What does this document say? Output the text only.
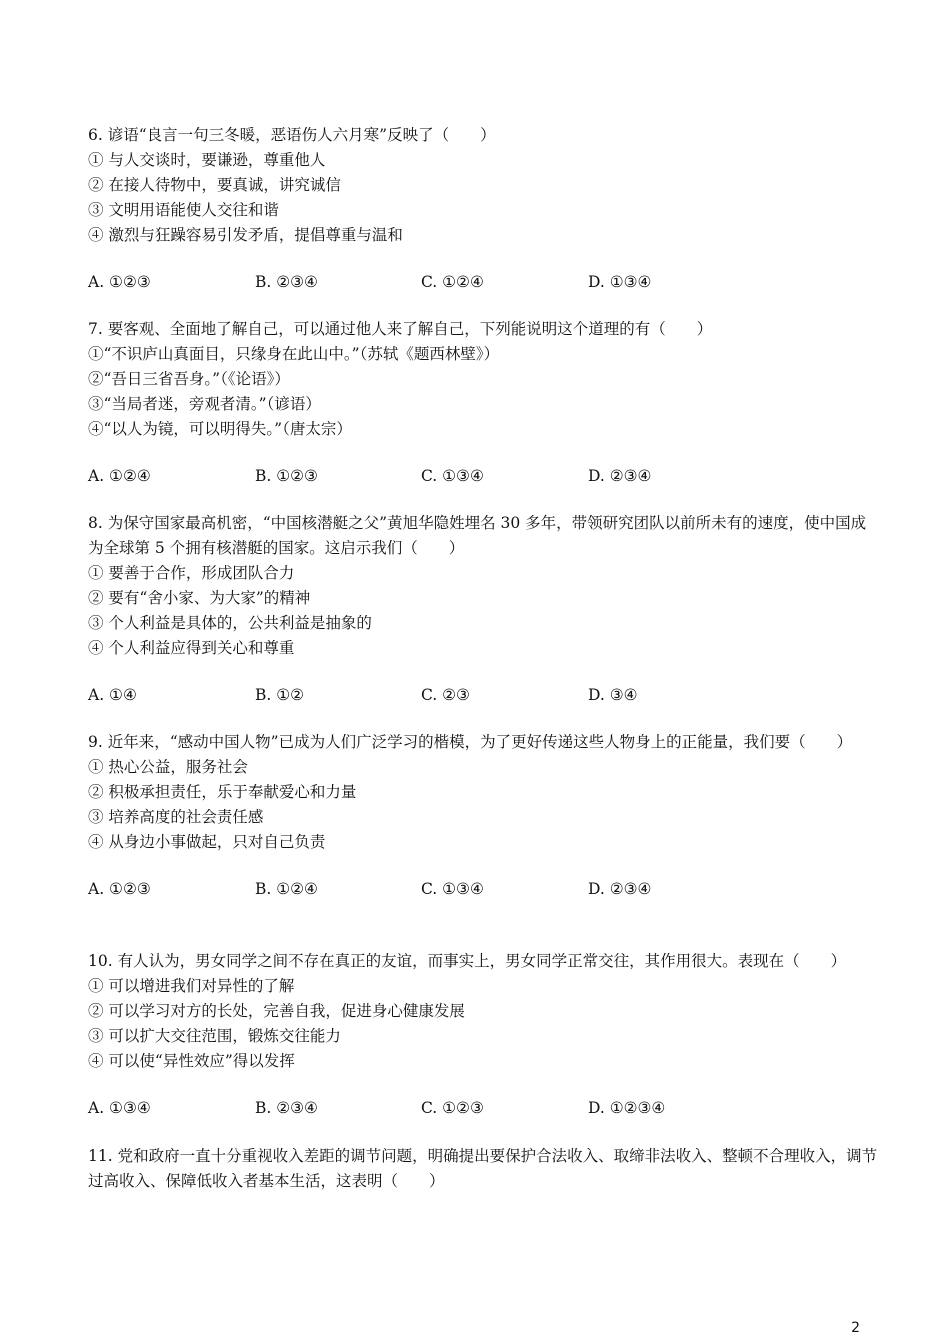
6. 谚语“良言一句三冬暖，恶语伤人六月寒”反映了（　　）

① 与人交谈时，要谦逊，尊重他人

② 在接人待物中，要真诚，讲究诚信

③ 文明用语能使人交往和谐

④ 激烈与狂躁容易引发矛盾，提倡尊重与温和

A. ①②③	B. ②③④	C. ①②④	D. ①③④

7. 要客观、全面地了解自己，可以通过他人来了解自己，下列能说明这个道理的有（　　）

①“不识庐山真面目，只缘身在此山中。”（苏轼《题西林壁》）

②“吾日三省吾身。”（《论语》）

③“当局者迷，旁观者清。”（谚语）

④“以人为镜，可以明得失。”（唐太宗）

A. ①②④	B. ①②③	C. ①③④	D. ②③④

8. 为保守国家最高机密，“中国核潜艇之父”黄旭华隐姓埋名 30 多年，带领研究团队以前所未有的速度，使中国成为全球第 5 个拥有核潜艇的国家。这启示我们（　　）

① 要善于合作，形成团队合力

② 要有“舍小家、为大家”的精神

③ 个人利益是具体的，公共利益是抽象的

④ 个人利益应得到关心和尊重

A. ①④	B. ①②	C. ②③	D. ③④

9. 近年来，“感动中国人物”已成为人们广泛学习的楷模，为了更好传递这些人物身上的正能量，我们要（　　）

① 热心公益，服务社会

② 积极承担责任，乐于奉献爱心和力量

③ 培养高度的社会责任感

④ 从身边小事做起，只对自己负责

A. ①②③	B. ①②④	C. ①③④	D. ②③④

10. 有人认为，男女同学之间不存在真正的友谊，而事实上，男女同学正常交往，其作用很大。表现在（　　）

① 可以增进我们对异性的了解

② 可以学习对方的长处，完善自我，促进身心健康发展

③ 可以扩大交往范围，锻炼交往能力

④ 可以使“异性效应”得以发挥

A. ①③④	B. ②③④	C. ①②③	D. ①②③④

11. 党和政府一直十分重视收入差距的调节问题，明确提出要保护合法收入、取缔非法收入、整顿不合理收入，调节过高收入、保障低收入者基本生活，这表明（　　）

2
